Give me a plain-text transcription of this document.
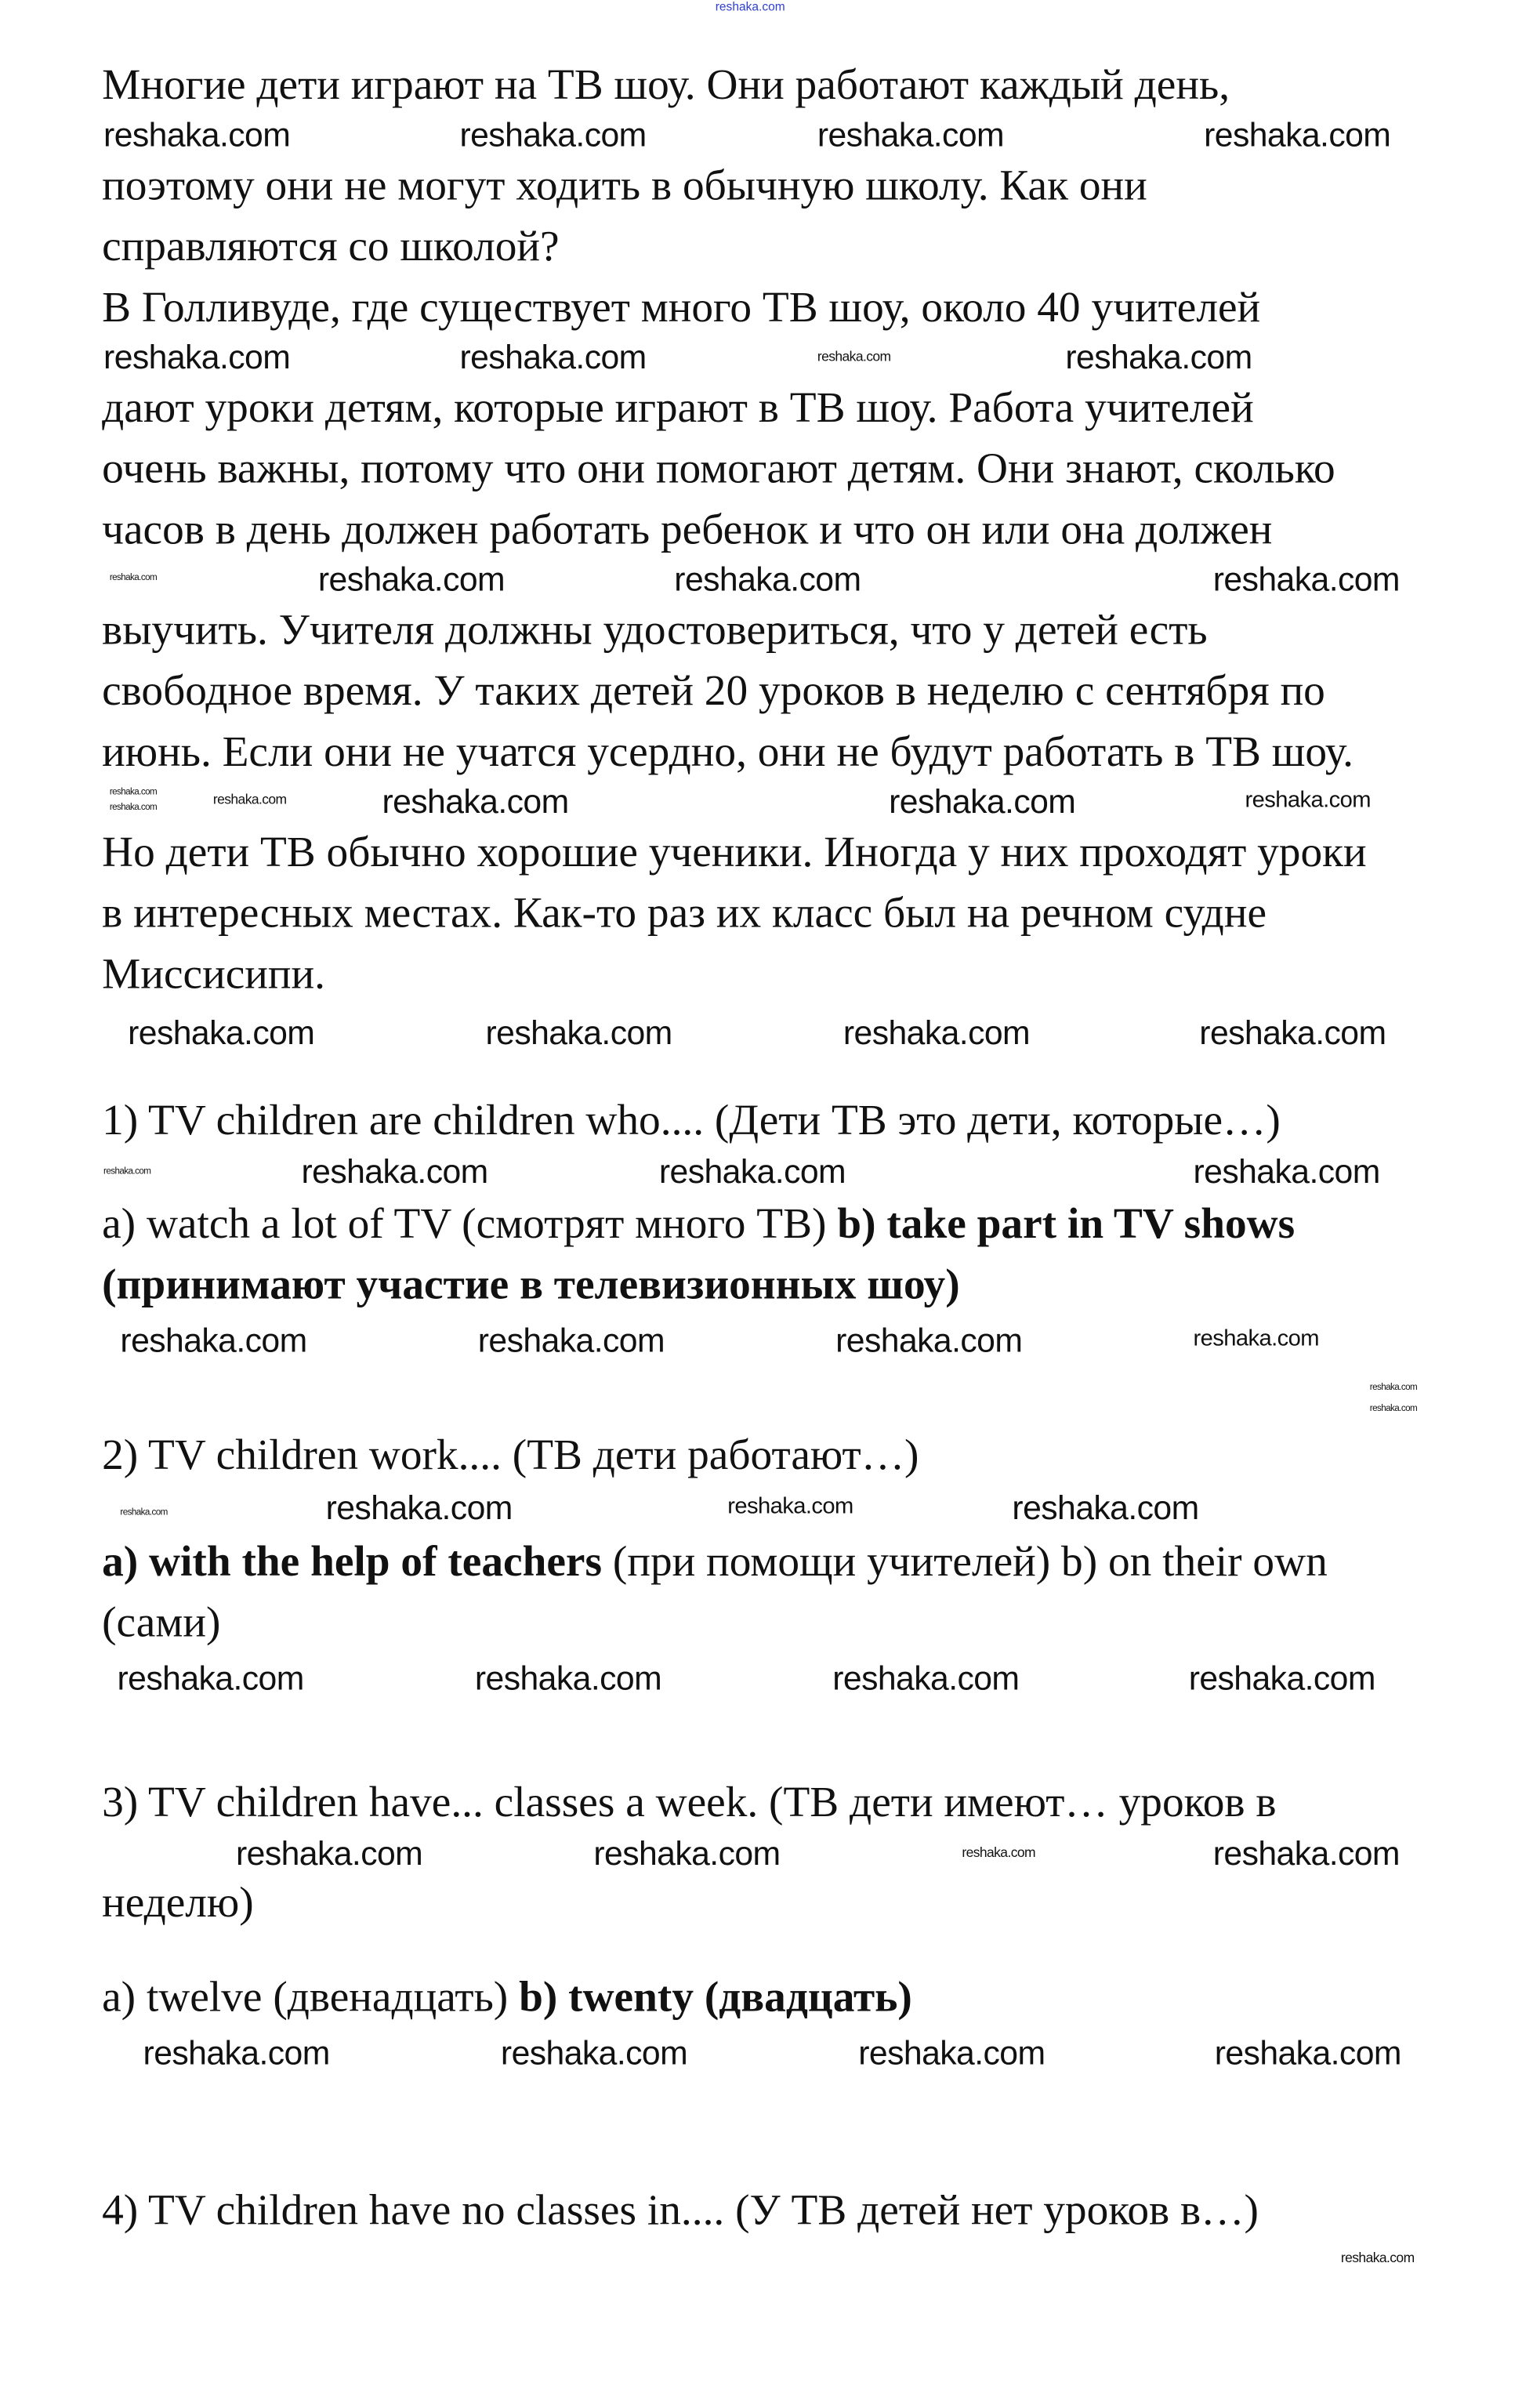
reshaka.com
Многие дети играют на ТВ шоу. Они работают каждый день,
reshaka.com	reshaka.com	reshaka.com	reshaka.com
поэтому они не могут ходить в обычную школу. Как они
справляются со школой?
В Голливуде, где существует много ТВ шоу, около 40 учителей
reshaka.com	reshaka.com	reshaka.com	reshaka.com
дают уроки детям, которые играют в ТВ шоу. Работа учителей
очень важны, потому что они помогают детям. Они знают, сколько
часов в день должен работать ребенок и что он или она должен
reshaka.com	reshaka.com	reshaka.com	reshaka.com
выучить. Учителя должны удостовериться, что у детей есть
свободное время. У таких детей 20 уроков в неделю с сентября по
июнь. Если они не учатся усердно, они не будут работать в ТВ шоу.
reshaka.com
reshaka.com
reshaka.com	reshaka.com	reshaka.com	reshaka.com
Но дети ТВ обычно хорошие ученики. Иногда у них проходят уроки
в интересных местах. Как-то раз их класс был на речном судне
Миссисипи.
reshaka.com	reshaka.com	reshaka.com	reshaka.com
1) TV children are children who.... (Дети ТВ это дети, которые…)
reshaka.com	reshaka.com	reshaka.com	reshaka.com
a) watch a lot of TV (смотрят много ТВ) b) take part in TV shows
(принимают участие в телевизионных шоу)
reshaka.com	reshaka.com	reshaka.com	reshaka.com
reshaka.com
reshaka.com
2) TV children work.... (ТВ дети работают…)
reshaka.com	reshaka.com	reshaka.com	reshaka.com
a) with the help of teachers (при помощи учителей) b) on their own
(сами)
reshaka.com	reshaka.com	reshaka.com	reshaka.com
3) TV children have... classes a week. (ТВ дети имеют… уроков в
reshaka.com	reshaka.com	reshaka.com	reshaka.com
неделю)
a) twelve (двенадцать) b) twenty (двадцать)
reshaka.com	reshaka.com	reshaka.com	reshaka.com
4) TV children have no classes in.... (У ТВ детей нет уроков в…)
reshaka.com
